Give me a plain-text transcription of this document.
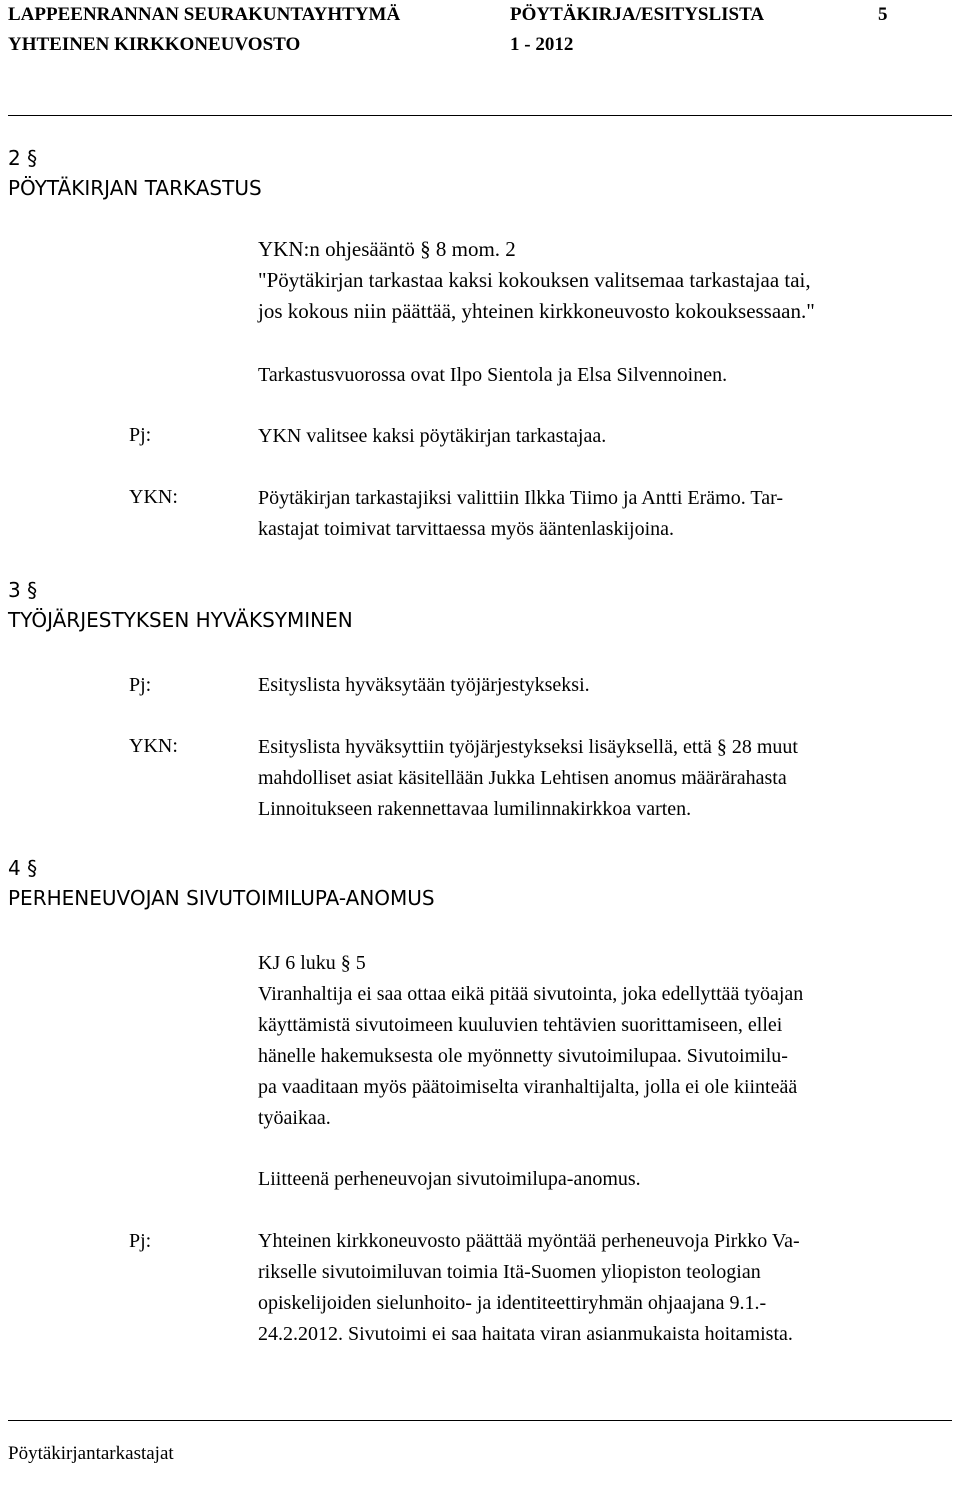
LAPPEENRANNAN SEURAKUNTAYHTYMÄ
YHTEINEN KIRKKONEUVOSTO
PÖYTÄKIRJA/ESITYSLISTA
1 - 2012
5
2 §
PÖYTÄKIRJAN TARKASTUS
YKN:n ohjesääntö § 8 mom. 2
"Pöytäkirjan tarkastaa kaksi kokouksen valitsemaa tarkastajaa tai,
jos kokous niin päättää, yhteinen kirkkoneuvosto kokouksessaan."
Tarkastusvuorossa ovat Ilpo Sientola ja Elsa Silvennoinen.
Pj:	YKN valitsee kaksi pöytäkirjan tarkastajaa.
YKN:	Pöytäkirjan tarkastajiksi valittiin Ilkka Tiimo ja Antti Erämo. Tar-
kastajat toimivat tarvittaessa myös ääntenlaskijoina.
3 §
TYÖJÄRJESTYKSEN HYVÄKSYMINEN
Pj:	Esityslista hyväksytään työjärjestykseksi.
YKN:	Esityslista hyväksyttiin työjärjestykseksi lisäyksellä, että § 28 muut
mahdolliset asiat käsitellään Jukka Lehtisen anomus määrärahasta
Linnoitukseen rakennettavaa lumilinnakirkkoa varten.
4 §
PERHENEUVOJAN SIVUTOIMILUPA-ANOMUS
KJ 6 luku § 5
Viranhaltija ei saa ottaa eikä pitää sivutointa, joka edellyttää työajan
käyttämistä sivutoimeen kuuluvien tehtävien suorittamiseen, ellei
hänelle hakemuksesta ole myönnetty sivutoimilupaa. Sivutoimilu-
pa vaaditaan myös päätoimiselta viranhaltijalta, jolla ei ole kiinteää
työaikaa.
Liitteenä perheneuvojan sivutoimilupa-anomus.
Pj:	Yhteinen kirkkoneuvosto päättää myöntää perheneuvoja Pirkko Va-
rikselle sivutoimiluvan toimia Itä-Suomen yliopiston teologian
opiskelijoiden sielunhoito- ja identiteettiryhmän ohjaajana 9.1.-
24.2.2012. Sivutoimi ei saa haitata viran asianmukaista hoitamista.
Pöytäkirjantarkastajat
